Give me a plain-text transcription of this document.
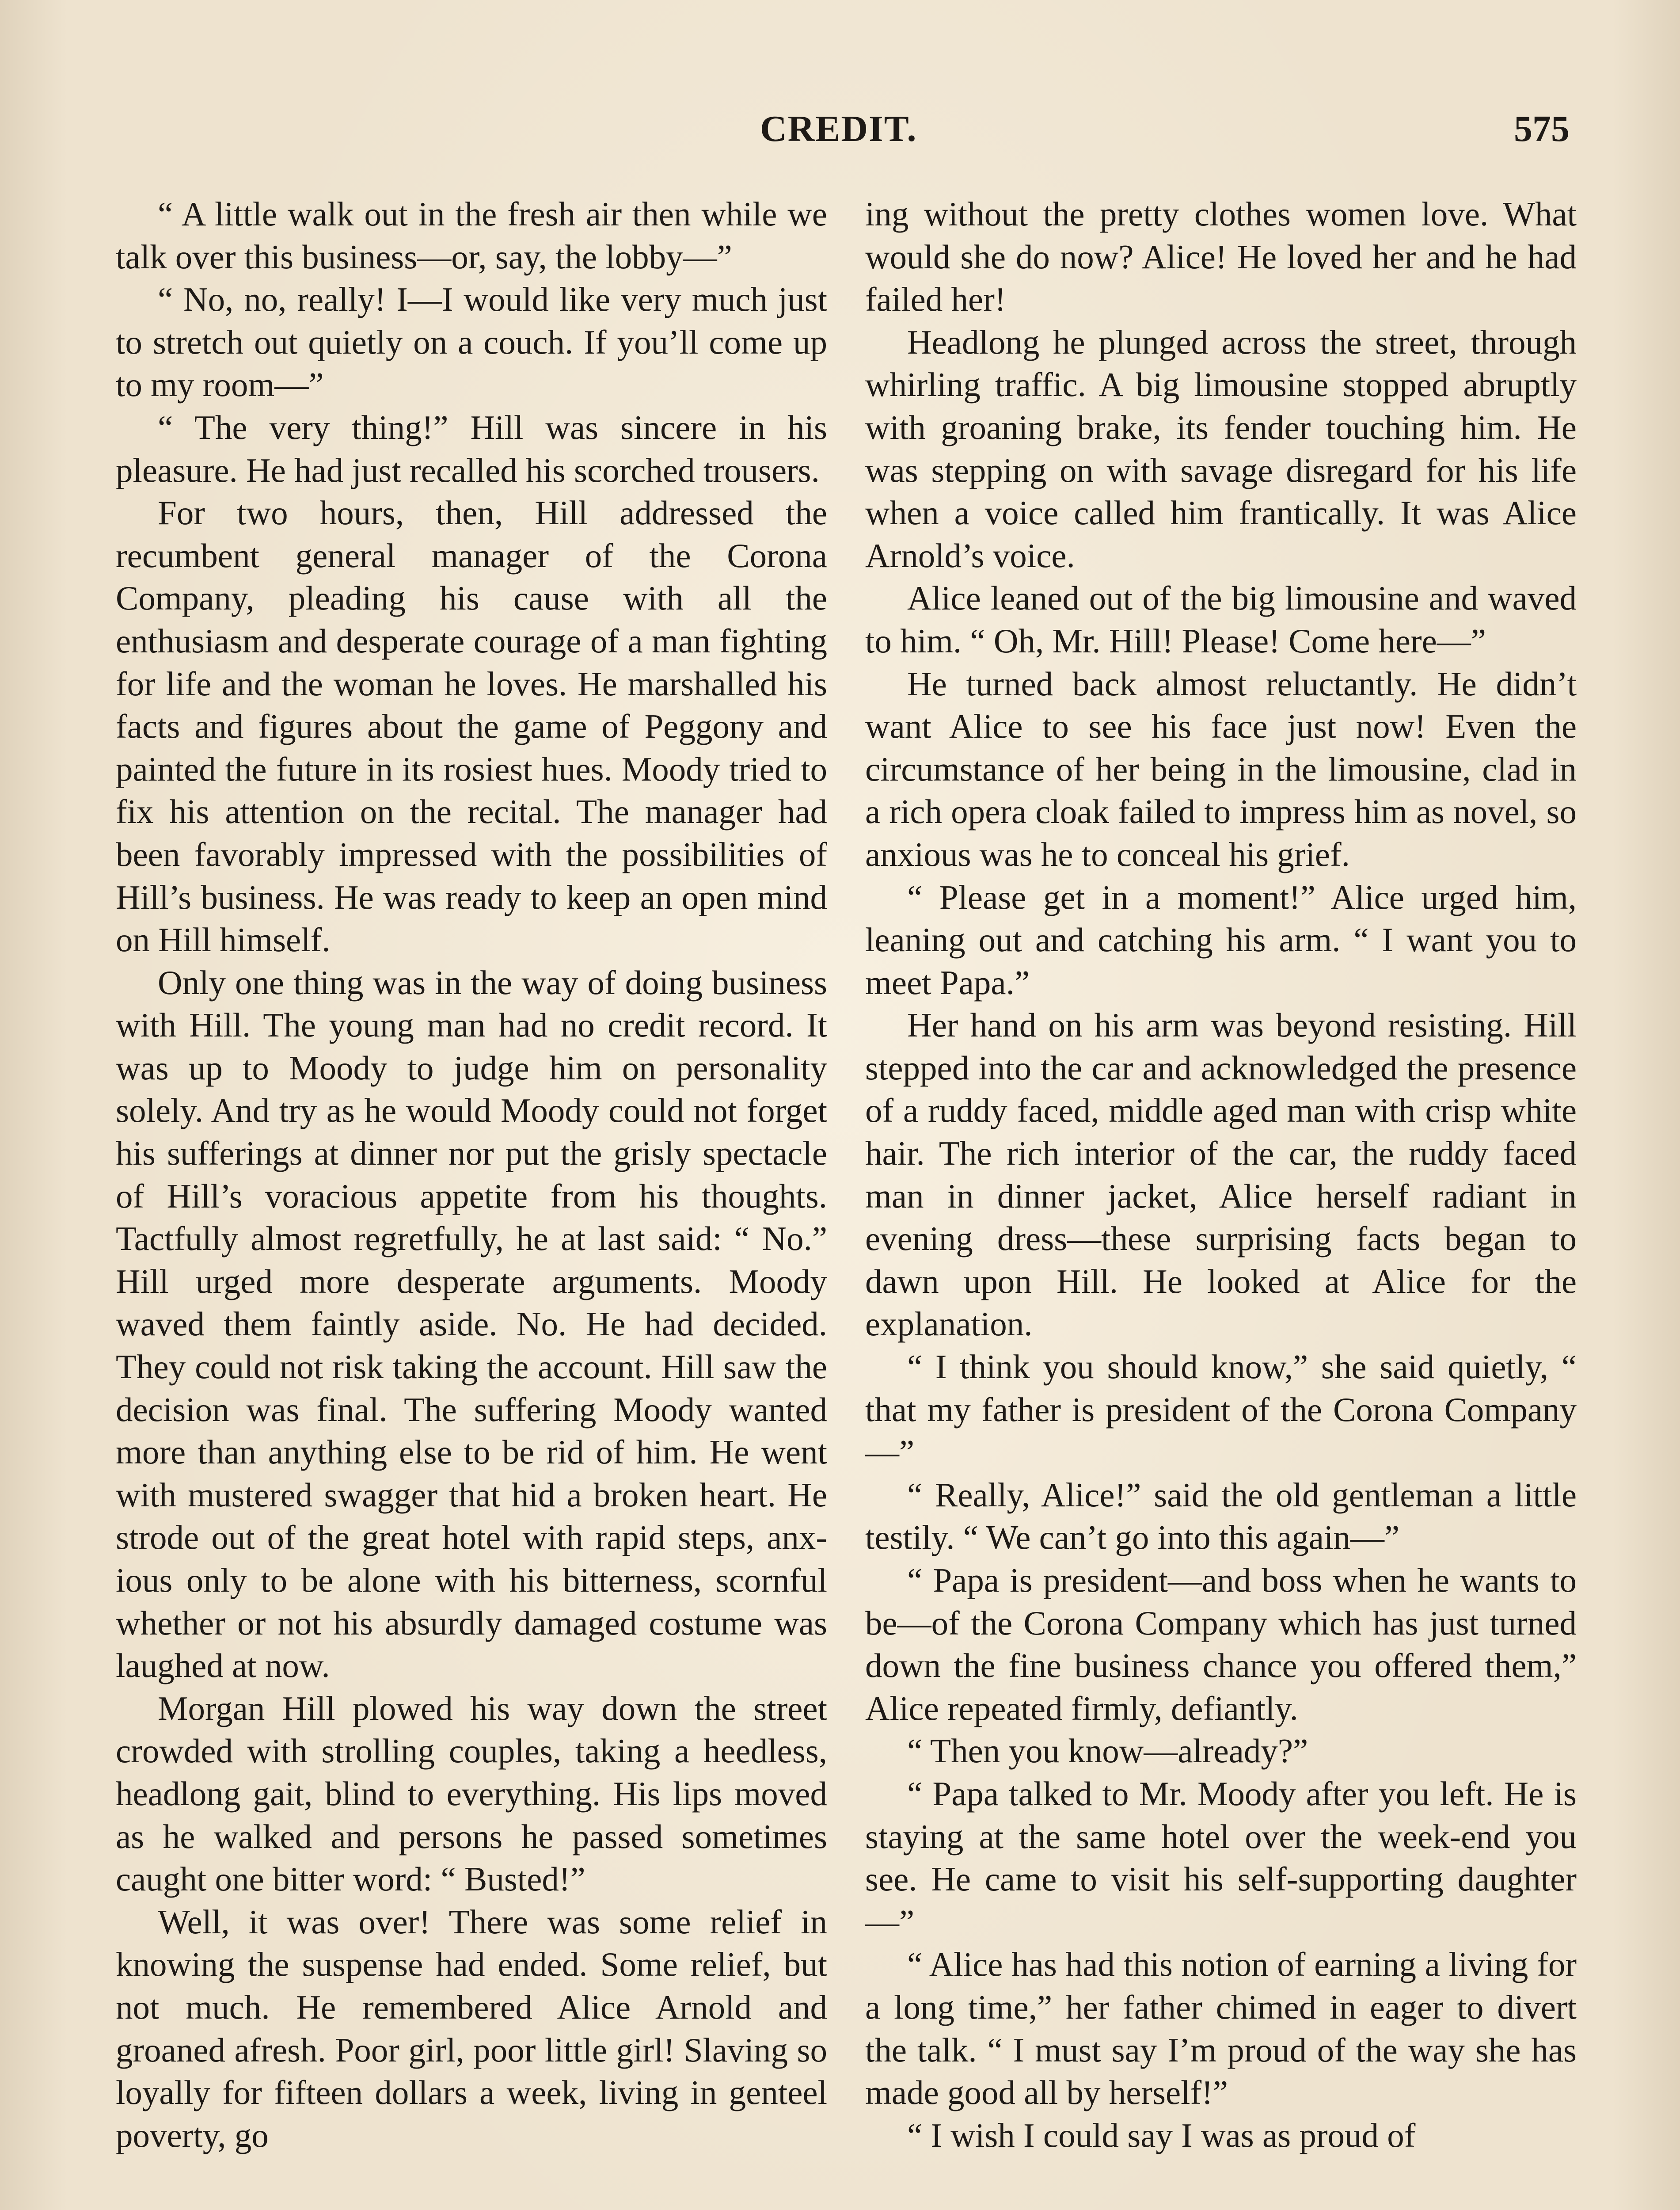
CREDIT.	575

“ A little walk out in the fresh air then while we talk over this business—or, say, the lobby—”

“ No, no, really! I—I would like very much just to stretch out quietly on a couch. If you’ll come up to my room—”

“ The very thing!” Hill was sincere in his pleasure. He had just recalled his scorched trousers.

For two hours, then, Hill addressed the recumbent general manager of the Corona Company, pleading his cause with all the enthusiasm and desperate courage of a man fighting for life and the woman he loves. He marshalled his facts and figures about the game of Peggony and painted the future in its rosiest hues. Moody tried to fix his attention on the recital. The manager had been favorably impressed with the possibilities of Hill’s business. He was ready to keep an open mind on Hill himself.

Only one thing was in the way of doing business with Hill. The young man had no credit record. It was up to Moody to judge him on personality solely. And try as he would Moody could not forget his sufferings at dinner nor put the grisly spectacle of Hill’s voracious appetite from his thoughts. Tactfully almost regretfully, he at last said: “ No.” Hill urged more desperate arguments. Moody waved them faintly aside. No. He had decided. They could not risk taking the account. Hill saw the decision was final. The suffering Moody wanted more than anything else to be rid of him. He went with mustered swagger that hid a broken heart. He strode out of the great hotel with rapid steps, anxious only to be alone with his bitterness, scornful whether or not his absurdly damaged costume was laughed at now.

Morgan Hill plowed his way down the street crowded with strolling couples, taking a heedless, headlong gait, blind to everything. His lips moved as he walked and persons he passed sometimes caught one bitter word: “ Busted!”

Well, it was over! There was some relief in knowing the suspense had ended. Some relief, but not much. He remembered Alice Arnold and groaned afresh. Poor girl, poor little girl! Slaving so loyally for fifteen dollars a week, living in genteel poverty, go

ing without the pretty clothes women love. What would she do now? Alice! He loved her and he had failed her!

Headlong he plunged across the street, through whirling traffic. A big limousine stopped abruptly with groaning brake, its fender touching him. He was stepping on with savage disregard for his life when a voice called him frantically. It was Alice Arnold’s voice.

Alice leaned out of the big limousine and waved to him. “ Oh, Mr. Hill! Please! Come here—”

He turned back almost reluctantly. He didn’t want Alice to see his face just now! Even the circumstance of her being in the limousine, clad in a rich opera cloak failed to impress him as novel, so anxious was he to conceal his grief.

“ Please get in a moment!” Alice urged him, leaning out and catching his arm. “ I want you to meet Papa.”

Her hand on his arm was beyond resisting. Hill stepped into the car and acknowledged the presence of a ruddy faced, middle aged man with crisp white hair. The rich interior of the car, the ruddy faced man in dinner jacket, Alice herself radiant in evening dress—these surprising facts began to dawn upon Hill. He looked at Alice for the explanation.

“ I think you should know,” she said quietly, “ that my father is president of the Corona Company—”

“ Really, Alice!” said the old gentleman a little testily. “ We can’t go into this again—”

“ Papa is president—and boss when he wants to be—of the Corona Company which has just turned down the fine business chance you offered them,” Alice repeated firmly, defiantly.

“ Then you know—already?”

“ Papa talked to Mr. Moody after you left. He is staying at the same hotel over the week-end you see. He came to visit his self-supporting daughter—”

“ Alice has had this notion of earning a living for a long time,” her father chimed in eager to divert the talk. “ I must say I’m proud of the way she has made good all by herself!”

“ I wish I could say I was as proud of
